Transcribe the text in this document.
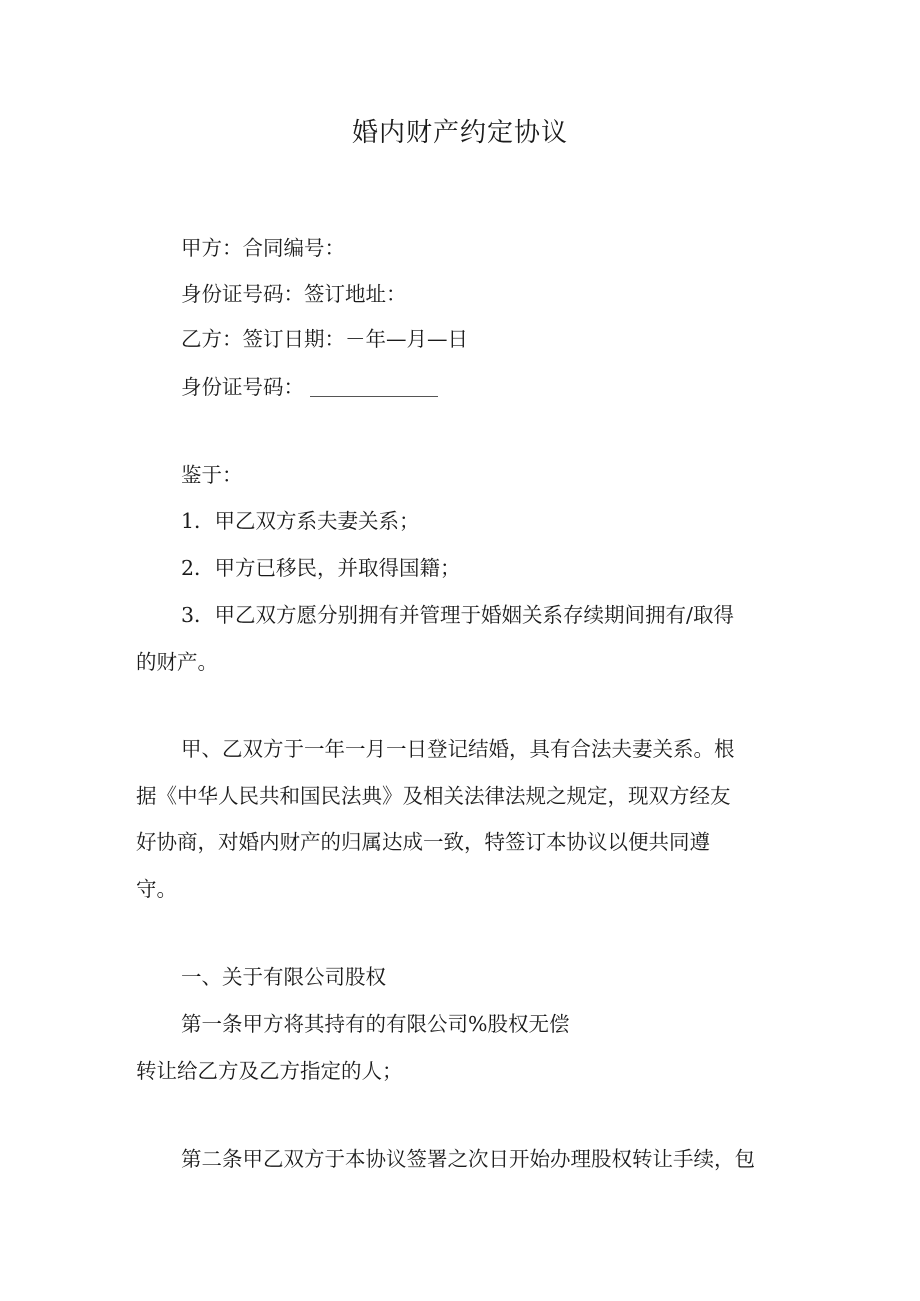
婚内财产约定协议
甲方：合同编号：
身份证号码：签订地址：
乙方：签订日期：－年—月—日
身份证号码：
鉴于：
1．甲乙双方系夫妻关系；
2．甲方已移民，并取得国籍；
3．甲乙双方愿分别拥有并管理于婚姻关系存续期间拥有/取得
的财产。
甲、乙双方于一年一月一日登记结婚，具有合法夫妻关系。根
据《中华人民共和国民法典》及相关法律法规之规定，现双方经友
好协商，对婚内财产的归属达成一致，特签订本协议以便共同遵
守。
一、关于有限公司股权
第一条甲方将其持有的有限公司%股权无偿
转让给乙方及乙方指定的人；
第二条甲乙双方于本协议签署之次日开始办理股权转让手续，包
